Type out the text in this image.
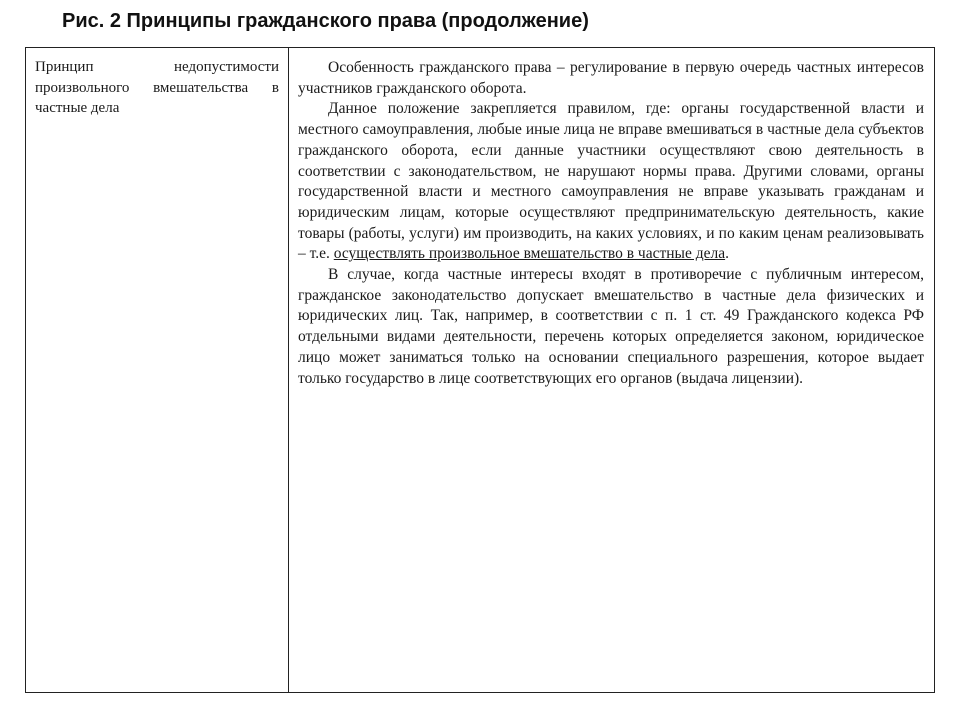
Рис. 2 Принципы гражданского права (продолжение)

Принцип недопустимости произвольного вмешательства в частные дела

Особенность гражданского права – регулирование в первую очередь частных интересов участников гражданского оборота.

Данное положение закрепляется правилом, где: органы государственной власти и местного самоуправления, любые иные лица не вправе вмешиваться в частные дела субъектов гражданского оборота, если данные участники осуществляют свою деятельность в соответствии с законодательством, не нарушают нормы права. Другими словами, органы государственной власти и местного самоуправления не вправе указывать гражданам и юридическим лицам, которые осуществляют предпринимательскую деятельность, какие товары (работы, услуги) им производить, на каких условиях, и по каким ценам реализовывать – т.е. осуществлять произвольное вмешательство в частные дела.

В случае, когда частные интересы входят в противоречие с публичным интересом, гражданское законодательство допускает вмешательство в частные дела физических и юридических лиц. Так, например, в соответствии с п. 1 ст. 49 Гражданского кодекса РФ отдельными видами деятельности, перечень которых определяется законом, юридическое лицо может заниматься только на основании специального разрешения, которое выдает только государство в лице соответствующих его органов (выдача лицензии).
